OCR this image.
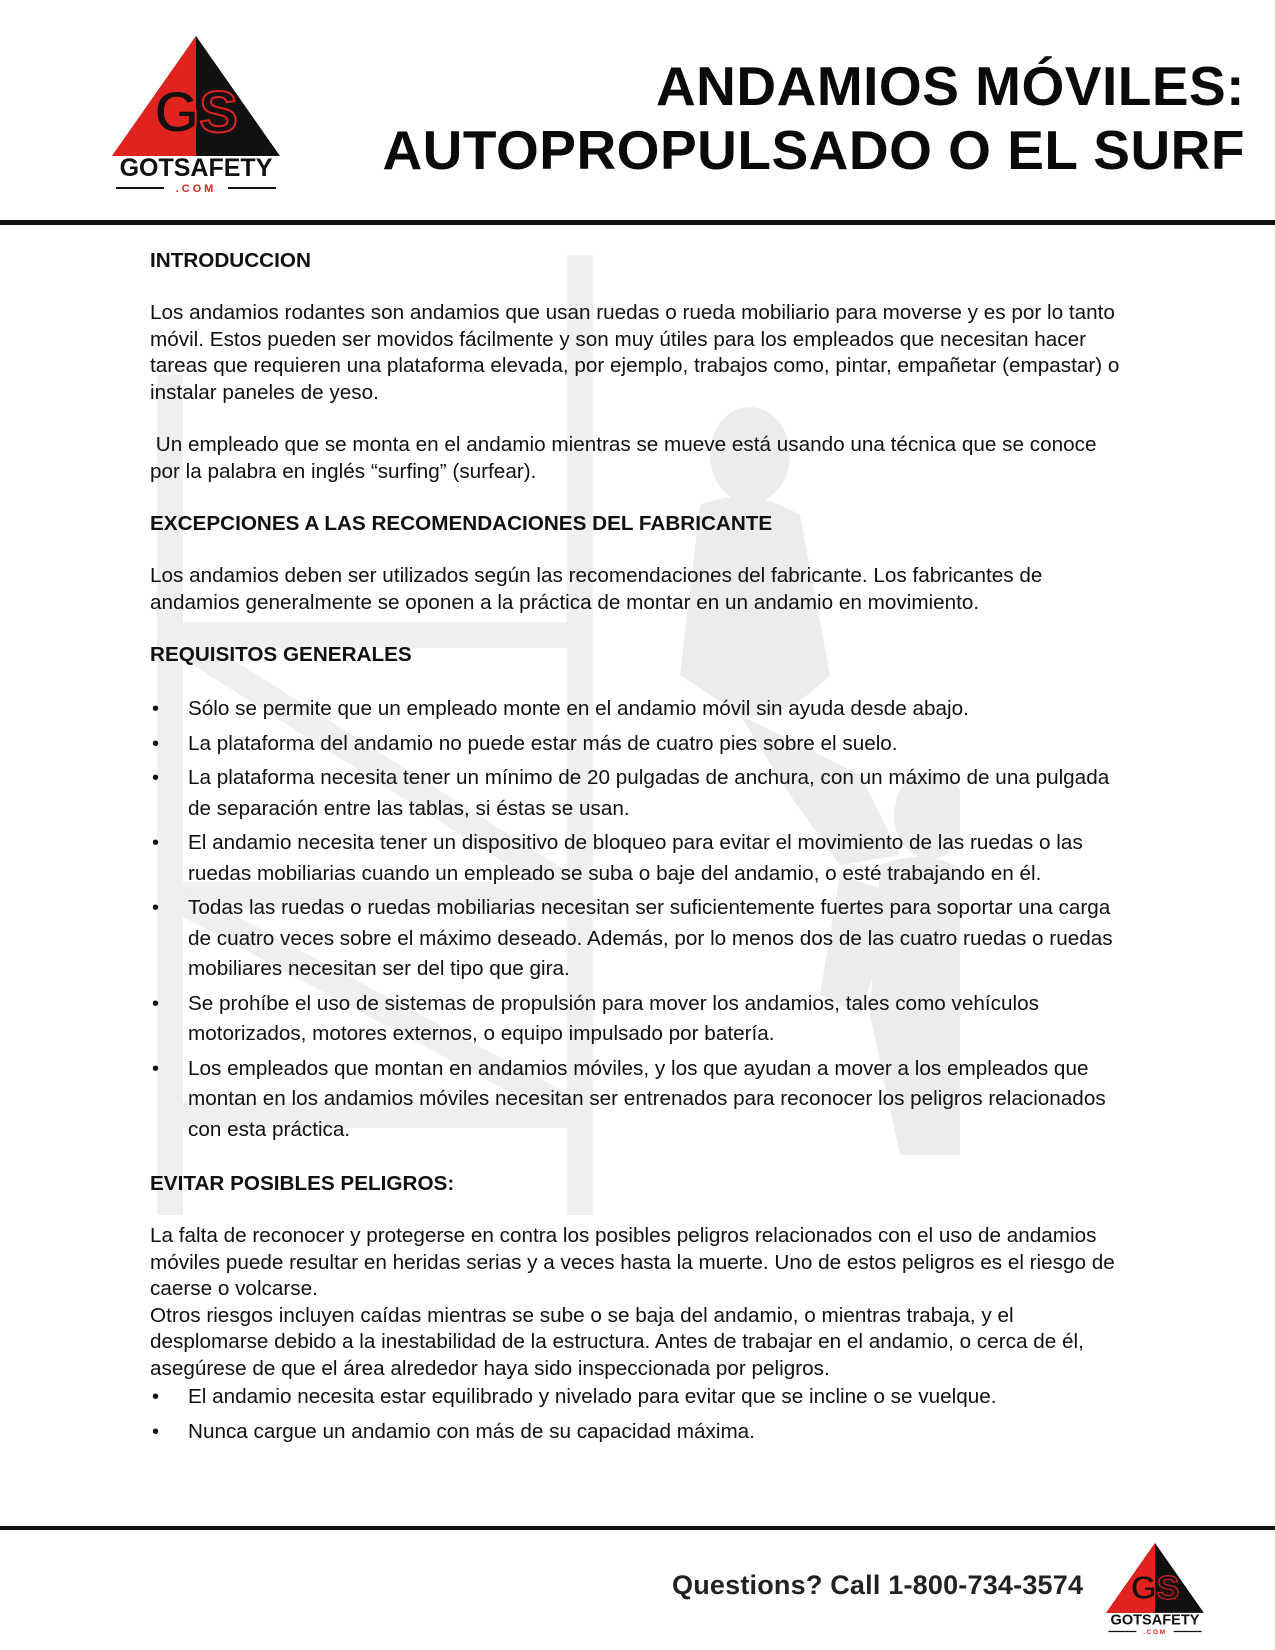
GS
GOTSAFETY
.COM
ANDAMIOS MÓVILES:
AUTOPROPULSADO O EL SURF
INTRODUCCION

Los andamios rodantes son andamios que usan ruedas o rueda mobiliario para moverse y es por lo tanto móvil. Estos pueden ser movidos fácilmente y son muy útiles para los empleados que necesitan hacer tareas que requieren una plataforma elevada, por ejemplo, trabajos como, pintar, empañetar (empastar) o instalar paneles de yeso.

Un empleado que se monta en el andamio mientras se mueve está usando una técnica que se conoce por la palabra en inglés “surfing” (surfear).

EXCEPCIONES A LAS RECOMENDACIONES DEL FABRICANTE

Los andamios deben ser utilizados según las recomendaciones del fabricante. Los fabricantes de andamios generalmente se oponen a la práctica de montar en un andamio en movimiento.

REQUISITOS GENERALES
• Sólo se permite que un empleado monte en el andamio móvil sin ayuda desde abajo.
• La plataforma del andamio no puede estar más de cuatro pies sobre el suelo.
• La plataforma necesita tener un mínimo de 20 pulgadas de anchura, con un máximo de una pulgada de separación entre las tablas, si éstas se usan.
• El andamio necesita tener un dispositivo de bloqueo para evitar el movimiento de las ruedas o las ruedas mobiliarias cuando un empleado se suba o baje del andamio, o esté trabajando en él.
• Todas las ruedas o ruedas mobiliarias necesitan ser suficientemente fuertes para soportar una carga de cuatro veces sobre el máximo deseado. Además, por lo menos dos de las cuatro ruedas o ruedas mobiliares necesitan ser del tipo que gira.
• Se prohíbe el uso de sistemas de propulsión para mover los andamios, tales como vehículos motorizados, motores externos, o equipo impulsado por batería.
• Los empleados que montan en andamios móviles, y los que ayudan a mover a los empleados que montan en los andamios móviles necesitan ser entrenados para reconocer los peligros relacionados con esta práctica.
EVITAR POSIBLES PELIGROS:

La falta de reconocer y protegerse en contra los posibles peligros relacionados con el uso de andamios móviles puede resultar en heridas serias y a veces hasta la muerte. Uno de estos peligros es el riesgo de caerse o volcarse.

Otros riesgos incluyen caídas mientras se sube o se baja del andamio, o mientras trabaja, y el desplomarse debido a la inestabilidad de la estructura. Antes de trabajar en el andamio, o cerca de él, asegúrese de que el área alrededor haya sido inspeccionada por peligros.

• El andamio necesita estar equilibrado y nivelado para evitar que se incline o se vuelque.
• Nunca cargue un andamio con más de su capacidad máxima.

Questions? Call 1-800-734-3574 GS
GOTSAFETY
.COM
